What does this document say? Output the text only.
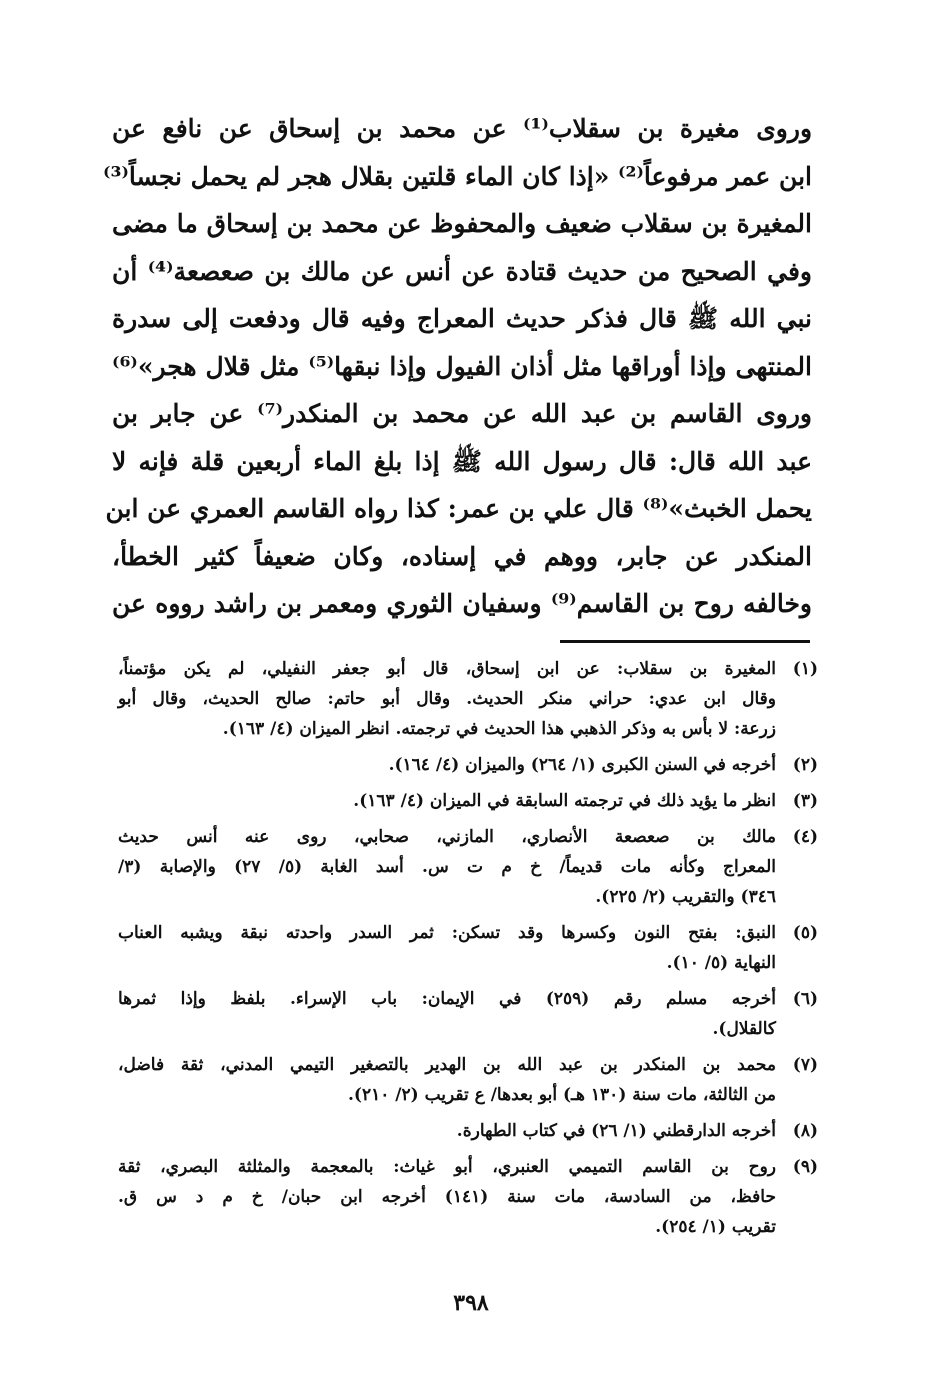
وروى مغيرة بن سقلاب⁽¹⁾ عن محمد بن إسحاق عن نافع عن
ابن عمر مرفوعاً⁽²⁾ «إذا كان الماء قلتين بقلال هجر لم يحمل نجساً⁽³⁾
المغيرة بن سقلاب ضعيف والمحفوظ عن محمد بن إسحاق ما مضى
وفي الصحيح من حديث قتادة عن أنس عن مالك بن صعصعة⁽⁴⁾ أن
نبي الله ﷺ قال فذكر حديث المعراج وفيه قال ودفعت إلى سدرة
المنتهى وإذا أوراقها مثل أذان الفيول وإذا نبقها⁽⁵⁾ مثل قلال هجر»⁽⁶⁾
وروى القاسم بن عبد الله عن محمد بن المنكدر⁽⁷⁾ عن جابر بن
عبد الله قال: قال رسول الله ﷺ إذا بلغ الماء أربعين قلة فإنه لا
يحمل الخبث»⁽⁸⁾ قال علي بن عمر: كذا رواه القاسم العمري عن ابن
المنكدر عن جابر، ووهم في إسناده، وكان ضعيفاً كثير الخطأ،
وخالفه روح بن القاسم⁽⁹⁾ وسفيان الثوري ومعمر بن راشد رووه عن
(١)
المغيرة بن سقلاب: عن ابن إسحاق، قال أبو جعفر النفيلي، لم يكن مؤتمناً،
وقال ابن عدي: حراني منكر الحديث. وقال أبو حاتم: صالح الحديث، وقال أبو
زرعة: لا بأس به وذكر الذهبي هذا الحديث في ترجمته. انظر الميزان (٤/ ١٦٣).
(٢)
أخرجه في السنن الكبرى (١/ ٢٦٤) والميزان (٤/ ١٦٤).
(٣)
انظر ما يؤيد ذلك في ترجمته السابقة في الميزان (٤/ ١٦٣).
(٤)
مالك بن صعصعة الأنصاري، المازني، صحابي، روى عنه أنس حديث
المعراج وكأنه مات قديماً/ خ م ت س. أسد الغابة (٥/ ٢٧) والإصابة (٣/
٣٤٦) والتقريب (٢/ ٢٢٥).
(٥)
النبق: بفتح النون وكسرها وقد تسكن: ثمر السدر واحدته نبقة ويشبه العناب
النهاية (٥/ ١٠).
(٦)
أخرجه مسلم رقم (٢٥٩) في الإيمان: باب الإسراء. بلفظ وإذا ثمرها
كالقلال).
(٧)
محمد بن المنكدر بن عبد الله بن الهدير بالتصغير التيمي المدني، ثقة فاضل،
من الثالثة، مات سنة (١٣٠ هـ) أبو بعدها/ ع تقريب (٢/ ٢١٠).
(٨)
أخرجه الدارقطني (١/ ٢٦) في كتاب الطهارة.
(٩)
روح بن القاسم التميمي العنبري، أبو غياث: بالمعجمة والمثلثة البصري، ثقة
حافظ، من السادسة، مات سنة (١٤١) أخرجه ابن حبان/ خ م د س ق.
تقريب (١/ ٢٥٤).
٣٩٨
